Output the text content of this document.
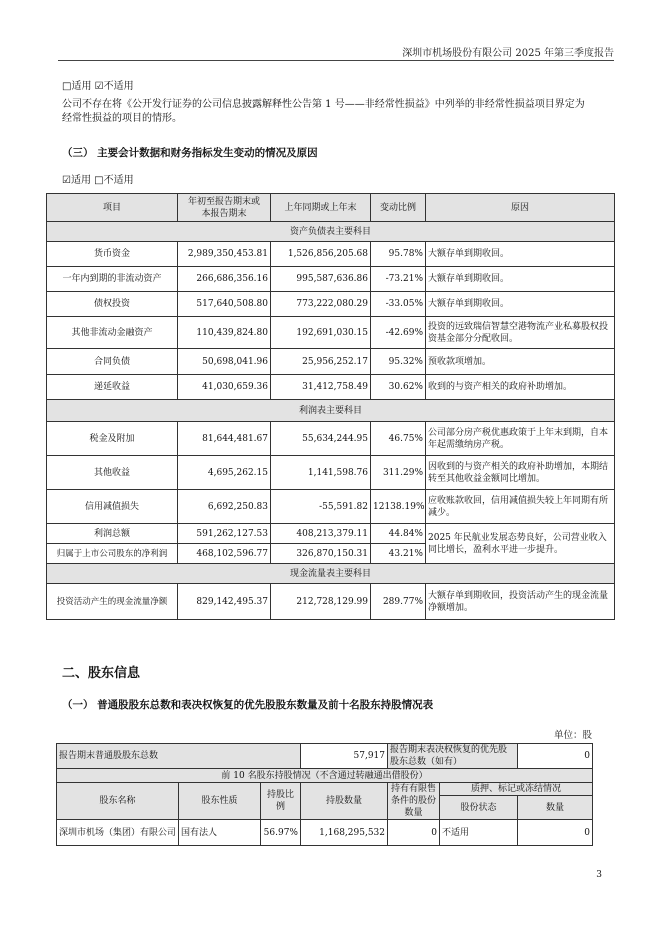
深圳市机场股份有限公司 2025 年第三季度报告
□适用 ☑不适用
公司不存在将《公开发行证券的公司信息披露解释性公告第 1 号——非经常性损益》中列举的非经常性损益项目界定为
经常性损益的项目的情形。
（三） 主要会计数据和财务指标发生变动的情况及原因
☑适用 □不适用
项目	年初至报告期末或
本报告期末	上年同期或上年末	变动比例	原因
资产负债表主要科目				
货币资金	2,989,350,453.81	1,526,856,205.68	95.78%	大额存单到期收回。
一年内到期的非流动资产	266,686,356.16	995,587,636.86	-73.21%	大额存单到期收回。
债权投资	517,640,508.80	773,222,080.29	-33.05%	大额存单到期收回。
其他非流动金融资产	110,439,824.80	192,691,030.15	-42.69%	投资的远致瑞信智慧空港物流产业私募股权投资基金部分分配收回。
合同负债	50,698,041.96	25,956,252.17	95.32%	预收款项增加。
递延收益	41,030,659.36	31,412,758.49	30.62%	收到的与资产相关的政府补助增加。
利润表主要科目				
税金及附加	81,644,481.67	55,634,244.95	46.75%	公司部分房产税优惠政策于上年末到期，自本年起需缴纳房产税。
其他收益	4,695,262.15	1,141,598.76	311.29%	因收到的与资产相关的政府补助增加，本期结转至其他收益金额同比增加。
信用减值损失	6,692,250.83	-55,591.82	12138.19%	应收账款收回，信用减值损失较上年同期有所减少。
利润总额	591,262,127.53	408,213,379.11	44.84%	2025 年民航业发展态势良好，公司营业收入同比增长，盈利水平进一步提升。
归属于上市公司股东的净利润	468,102,596.77	326,870,150.31	43.21%	
现金流量表主要科目				
投资活动产生的现金流量净额	829,142,495.37	212,728,129.99	289.77%	大额存单到期收回，投资活动产生的现金流量净额增加。
二、股东信息
（一） 普通股股东总数和表决权恢复的优先股股东数量及前十名股东持股情况表
单位：股
报告期末普通股股东总数			57,917	报告期末表决权恢复的优先股股东总数（如有）		0
前 10 名股东持股情况（不含通过转融通出借股份）						
股东名称	股东性质	持股比例	持股数量	持有有限售条件的股份数量	质押、标记或冻结情况	
					股份状态	数量
深圳市机场（集团）有限公司	国有法人	56.97%	1,168,295,532	0	不适用	0
3
